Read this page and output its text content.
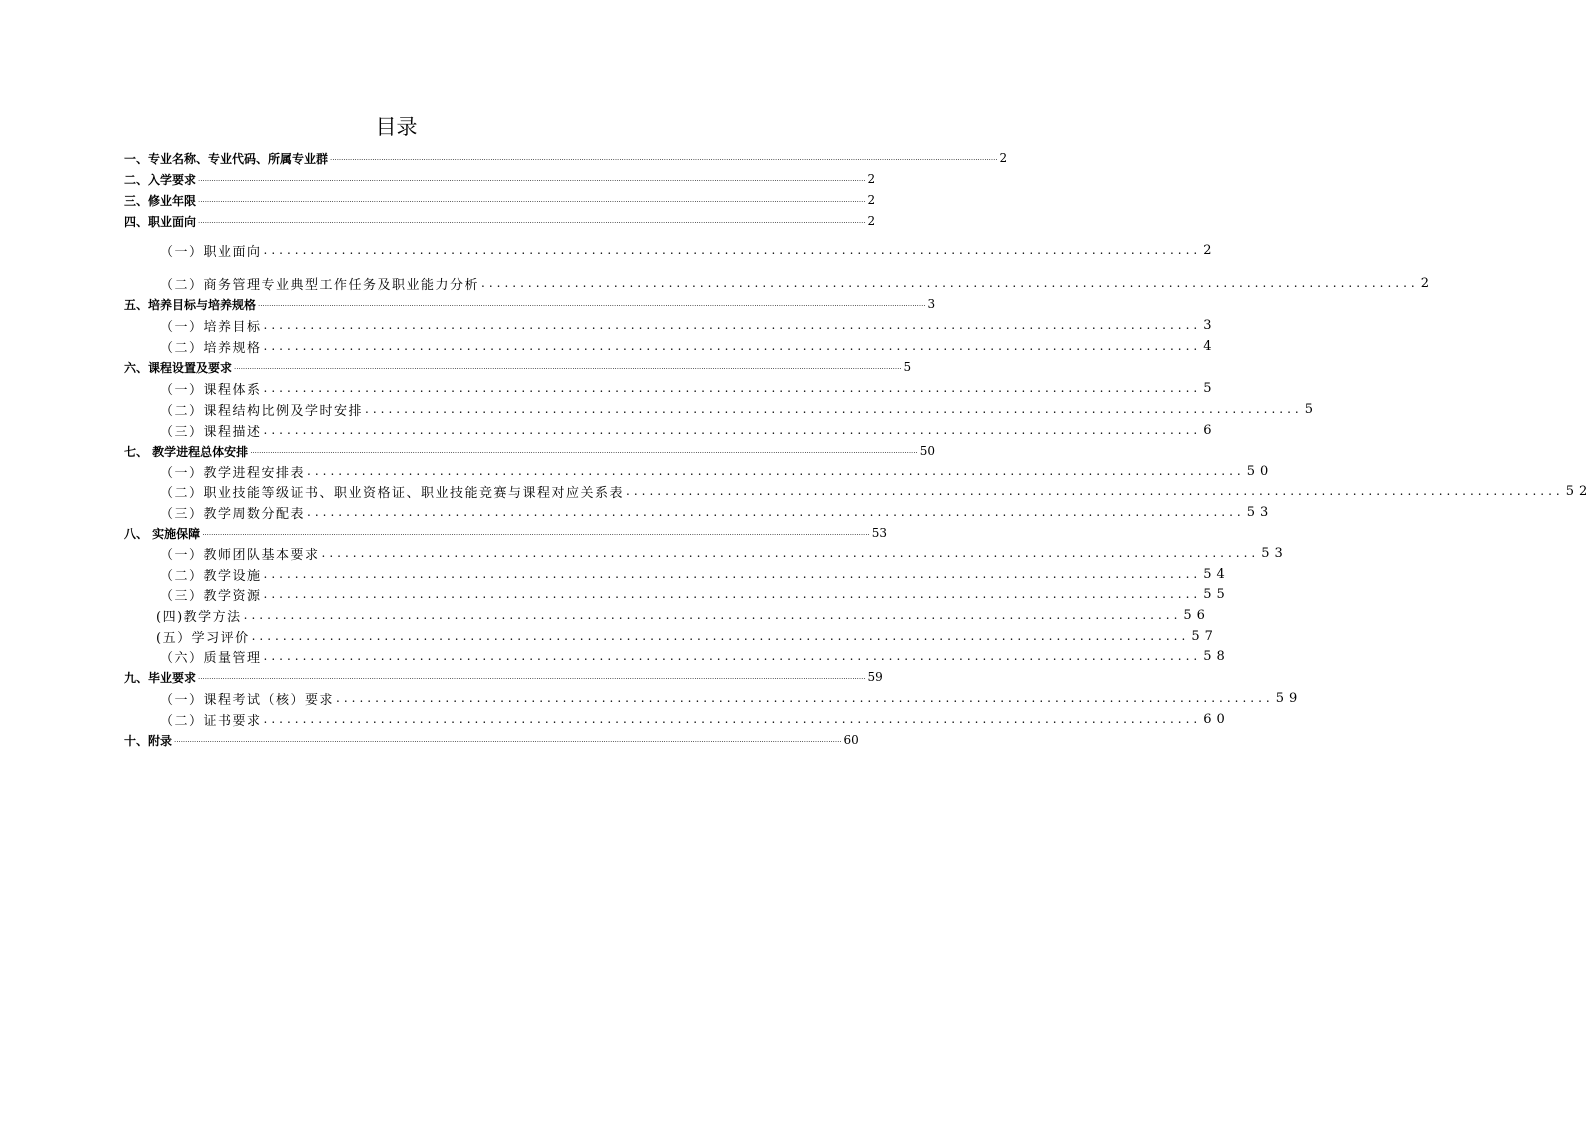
目录
一、专业名称、专业代码、所属专业群 ............................................................................................................................................................................................................................................................................................................ 2
二、入学要求 ............................................................................................................................................................................................................................................................................................................ 2
三、修业年限 ............................................................................................................................................................................................................................................................................................................ 2
四、职业面向 ............................................................................................................................................................................................................................................................................................................ 2
（一）职业面向 ........................................................................................................................ 2
（二）商务管理专业典型工作任务及职业能力分析 ........................................................................................................................ 2
五、培养目标与培养规格 ............................................................................................................................................................................................................................................................................................................ 3
（一）培养目标 ........................................................................................................................ 3
（二）培养规格 ........................................................................................................................ 4
六、课程设置及要求 ............................................................................................................................................................................................................................................................................................................ 5
（一）课程体系 ........................................................................................................................ 5
（二）课程结构比例及学时安排 ........................................................................................................................ 5
（三）课程描述 ........................................................................................................................ 6
七、 教学进程总体安排 ............................................................................................................................................................................................................................................................................................................ 50
（一）教学进程安排表 ........................................................................................................................ 50
（二）职业技能等级证书、职业资格证、职业技能竞赛与课程对应关系表 ........................................................................................................................ 52
（三）教学周数分配表 ........................................................................................................................ 53
八、 实施保障 ............................................................................................................................................................................................................................................................................................................ 53
（一）教师团队基本要求 ........................................................................................................................ 53
（二）教学设施 ........................................................................................................................ 54
（三）教学资源 ........................................................................................................................ 55
(四)教学方法 ........................................................................................................................ 56
(五）学习评价 ........................................................................................................................ 57
（六）质量管理 ........................................................................................................................ 58
九、毕业要求 ............................................................................................................................................................................................................................................................................................................ 59
（一）课程考试（核）要求 ........................................................................................................................ 59
（二）证书要求 ........................................................................................................................ 60
十、附录 ............................................................................................................................................................................................................................................................................................................ 60
